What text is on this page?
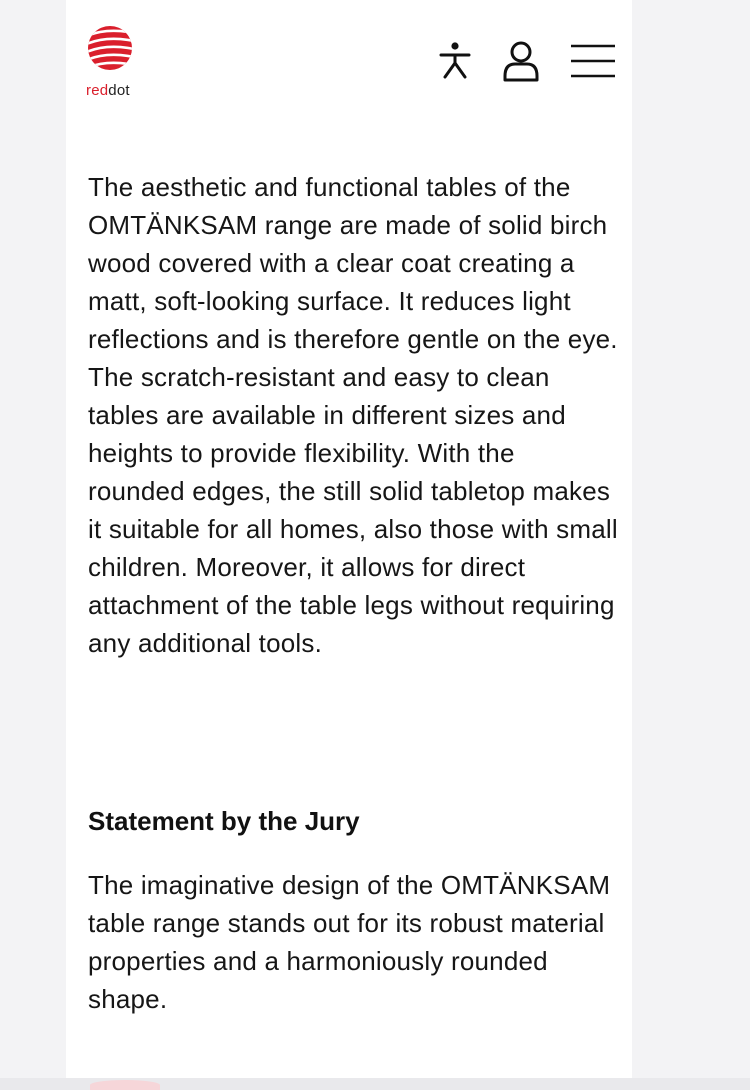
reddot

The aesthetic and functional tables of the OMTÄNKSAM range are made of solid birch wood covered with a clear coat creating a matt, soft-looking surface. It reduces light reflections and is therefore gentle on the eye. The scratch-resistant and easy to clean tables are available in different sizes and heights to provide flexibility. With the rounded edges, the still solid tabletop makes it suitable for all homes, also those with small children. Moreover, it allows for direct attachment of the table legs without requiring any additional tools.

Statement by the Jury

The imaginative design of the OMTÄNKSAM table range stands out for its robust material properties and a harmoniously rounded shape.
